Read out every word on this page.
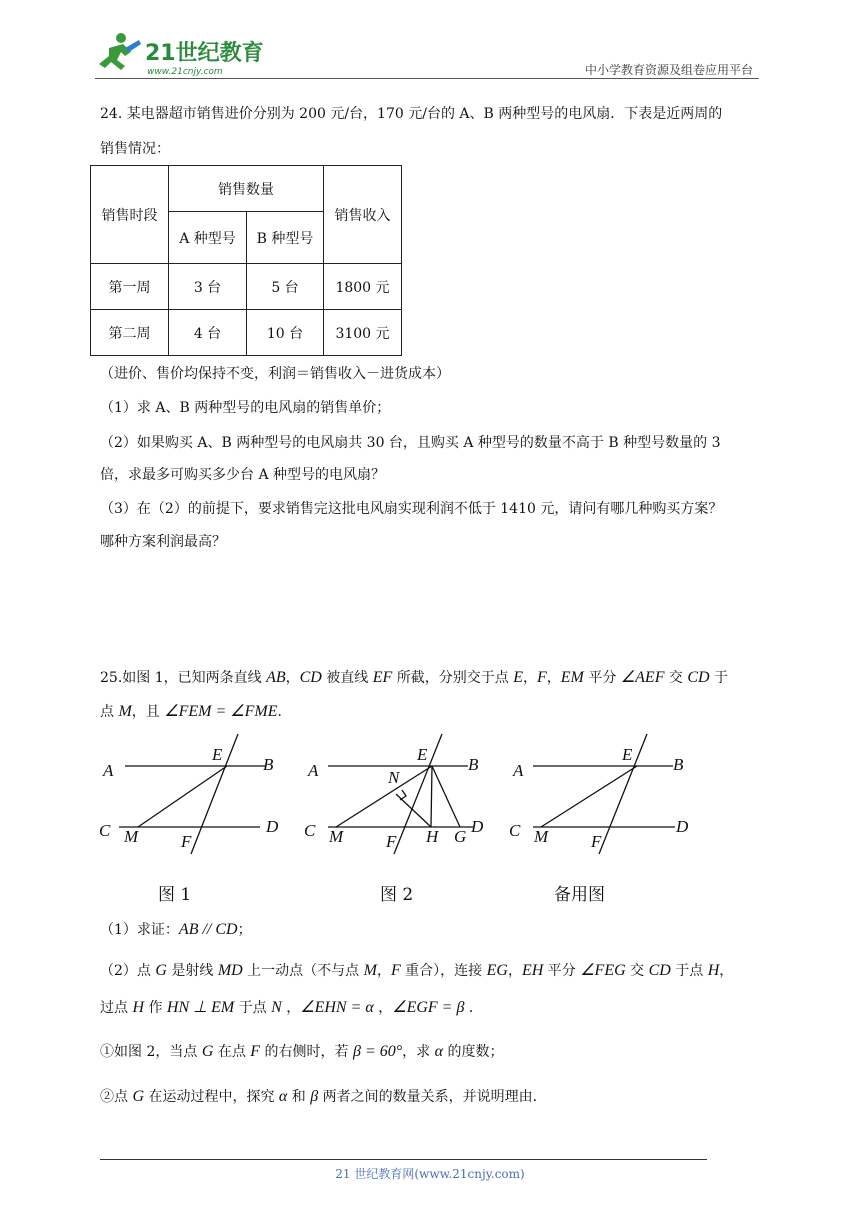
21世纪教育
www.21cnjy.com	中小学教育资源及组卷应用平台
24. 某电器超市销售进价分别为 200 元/台，170 元/台的 A、B 两种型号的电风扇．下表是近两周的
销售情况：
销售时段	销售数量		销售收入
	A 种型号	B 种型号	
第一周	3 台	5 台	1800 元
第二周	4 台	10 台	3100 元
（进价、售价均保持不变，利润＝销售收入－进货成本）
（1）求 A、B 两种型号的电风扇的销售单价；
（2）如果购买 A、B 两种型号的电风扇共 30 台，且购买 A 种型号的数量不高于 B 种型号数量的 3
倍，求最多可购买多少台 A 种型号的电风扇？
（3）在（2）的前提下，要求销售完这批电风扇实现利润不低于 1410 元，请问有哪几种购买方案？
哪种方案利润最高？
25.如图 1，已知两条直线 AB，CD 被直线 EF 所截，分别交于点 E，F，EM 平分 ∠AEF 交 CD 于
点 M，且 ∠FEM = ∠FME．
A	B
C	D
E
F
M
A	B
C	D
E
N
F
M	H G
A	B
C	D
E
F
M
图 1	图 2	备用图
（1）求证：AB // CD；
（2）点 G 是射线 MD 上一动点（不与点 M，F 重合），连接 EG，EH 平分 ∠FEG 交 CD 于点 H，
过点 H 作 HN ⊥ EM 于点 N ，∠EHN = α ，∠EGF = β ．
①如图 2，当点 G 在点 F 的右侧时，若 β = 60°，求 α 的度数；
②点 G 在运动过程中，探究 α 和 β 两者之间的数量关系，并说明理由．
21 世纪教育网(www.21cnjy.com)
